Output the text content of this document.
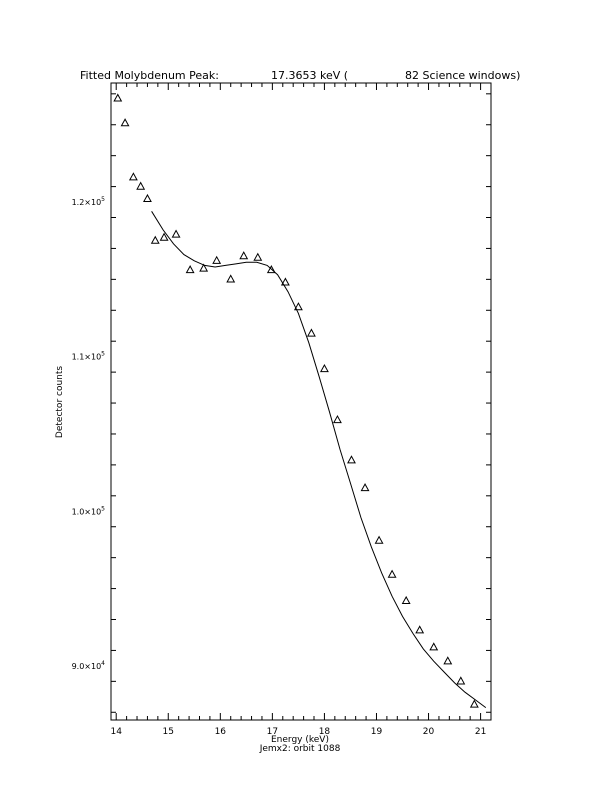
Fitted Molybdenum Peak:	17.3653 keV (	82 Science windows)
14	15	16	17	18	19	20	21
$9.0\times 10^4$
$1.0\times 10^5$
$1.1\times 10^5$
$1.2\times 10^5$
Energy (keV)
Jemx2: orbit 1088
Detector counts
